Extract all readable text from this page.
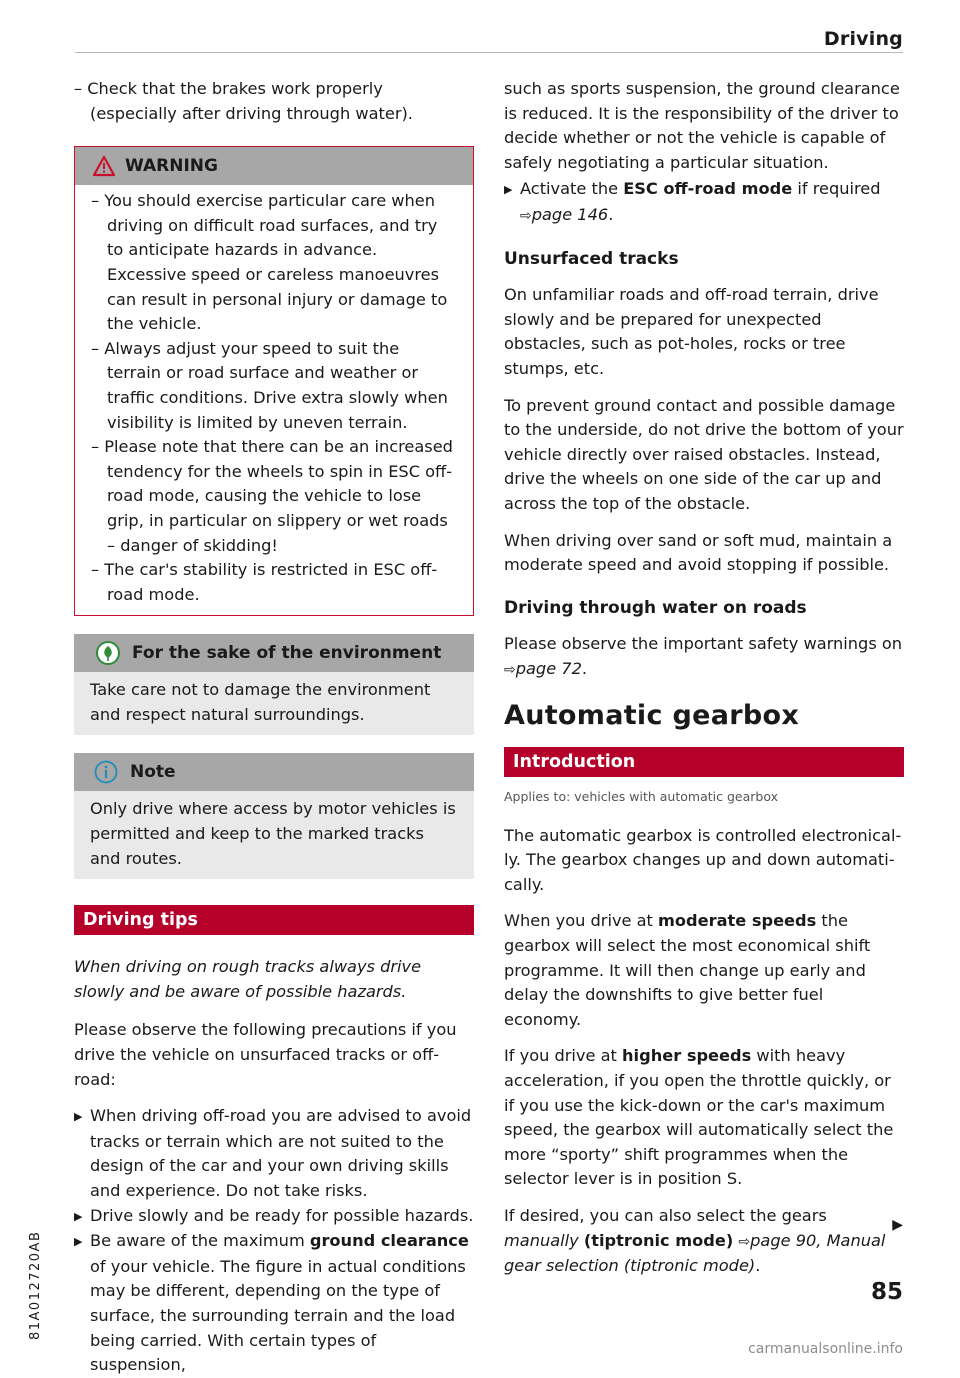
Driving

– Check that the brakes work properly (especially after driving through water).

WARNING

– You should exercise particular care when driving on difficult road surfaces, and try to anticipate hazards in advance. Excessive speed or careless manoeuvres can result in personal injury or damage to the vehicle.

– Always adjust your speed to suit the terrain or road surface and weather or traffic conditions. Drive extra slowly when visibility is limited by uneven terrain.

– Please note that there can be an increased tendency for the wheels to spin in ESC offroad mode, causing the vehicle to lose grip, in particular on slippery or wet roads – danger of skidding!

– The car's stability is restricted in ESC offroad mode.

For the sake of the environment

Take care not to damage the environment and respect natural surroundings.

Note

Only drive where access by motor vehicles is permitted and keep to the marked tracks and routes.

Driving tips

When driving on rough tracks always drive slowly and be aware of possible hazards.

Please observe the following precautions if you drive the vehicle on unsurfaced tracks or offroad:

▶ When driving off-road you are advised to avoid tracks or terrain which are not suited to the design of the car and your own driving skills and experience. Do not take risks.

▶ Drive slowly and be ready for possible hazards.

▶ Be aware of the maximum ground clearance of your vehicle. The figure in actual conditions may be different, depending on the type of surface, the surrounding terrain and the load being carried. With certain types of suspension,

such as sports suspension, the ground clearance is reduced. It is the responsibility of the driver to decide whether or not the vehicle is capable of safely negotiating a particular situation.

▶ Activate the ESC off-road mode if required ⇨page 146.

Unsurfaced tracks

On unfamiliar roads and off-road terrain, drive slowly and be prepared for unexpected obstacles, such as pot-holes, rocks or tree stumps, etc.

To prevent ground contact and possible damage to the underside, do not drive the bottom of your vehicle directly over raised obstacles. Instead, drive the wheels on one side of the car up and across the top of the obstacle.

When driving over sand or soft mud, maintain a moderate speed and avoid stopping if possible.

Driving through water on roads

Please observe the important safety warnings on ⇨page 72.

Automatic gearbox
Introduction

Applies to: vehicles with automatic gearbox

The automatic gearbox is controlled electronically. The gearbox changes up and down automatically.

When you drive at moderate speeds the gearbox will select the most economical shift programme. It will then change up early and delay the downshifts to give better fuel economy.

If you drive at higher speeds with heavy acceleration, if you open the throttle quickly, or if you use the kick-down or the car's maximum speed, the gearbox will automatically select the more “sporty” shift programmes when the selector lever is in position S.

If desired, you can also select the gears manually (tiptronic mode) ⇨page 90, Manual gear selection (tiptronic mode).

▶
85
81A012720AB
carmanualsonline.info
